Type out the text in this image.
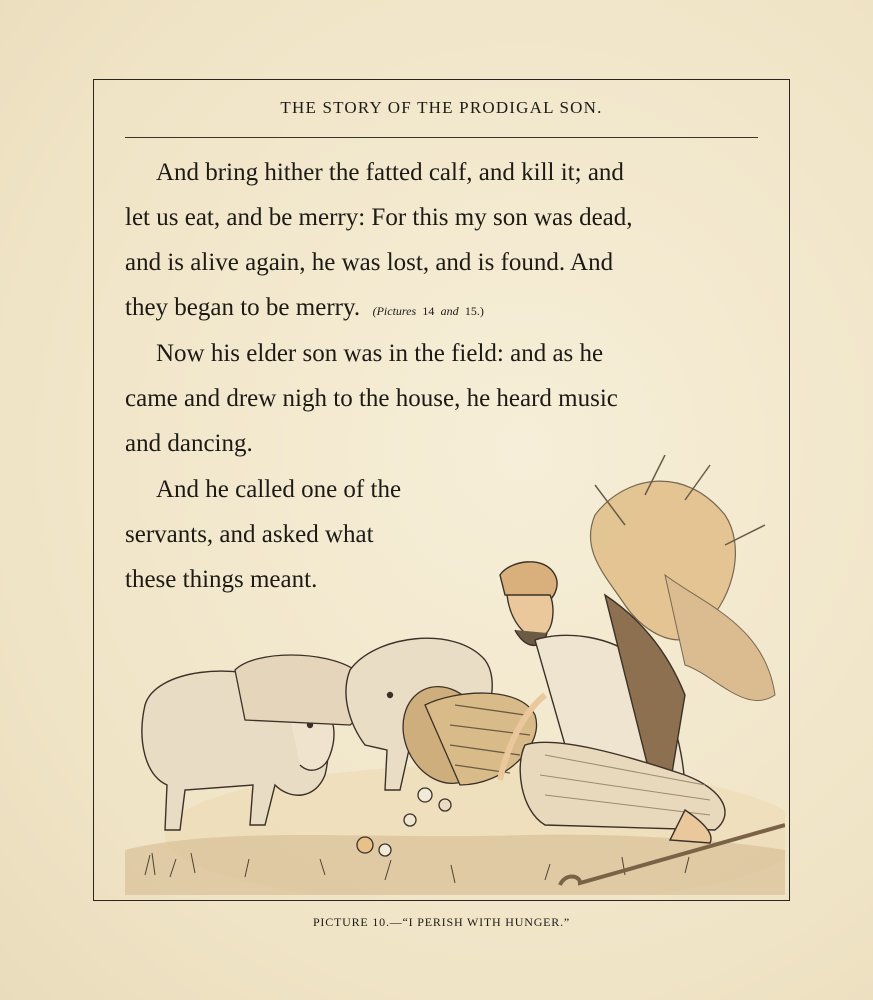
THE STORY OF THE PRODIGAL SON.

And bring hither the fatted calf, and kill it; and
let us eat, and be merry: For this my son was dead,
and is alive again, he was lost, and is found. And
they began to be merry. (Pictures 14 and 15.)

Now his elder son was in the field: and as he
came and drew nigh to the house, he heard music
and dancing.

And he called one of the
servants, and asked what
these things meant.

PICTURE 10.—“I PERISH WITH HUNGER.”
